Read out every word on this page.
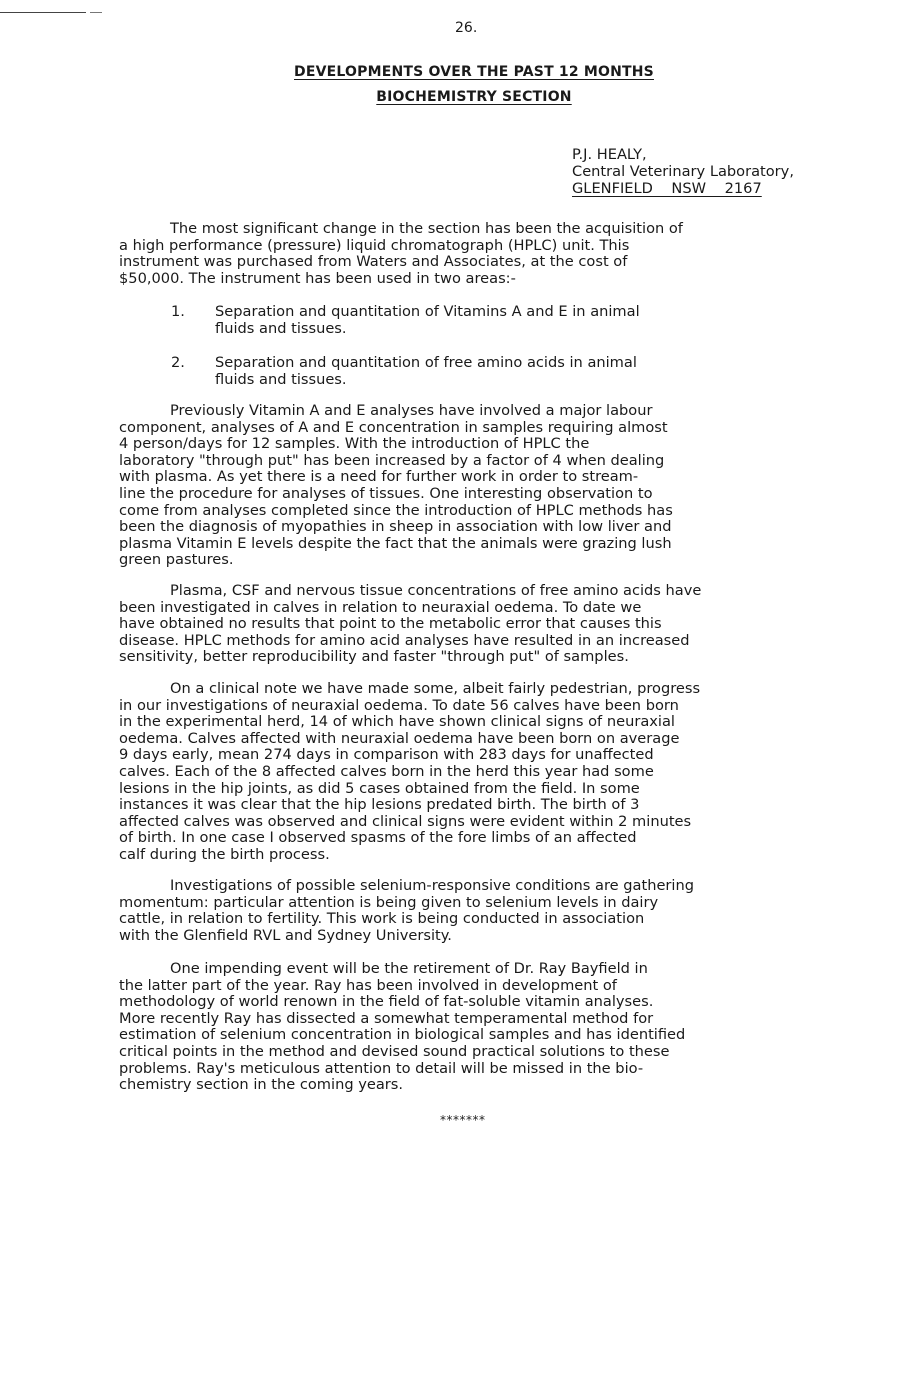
26.
DEVELOPMENTS OVER THE PAST 12 MONTHS
BIOCHEMISTRY SECTION
P.J. HEALY,
Central Veterinary Laboratory,
GLENFIELD    NSW    2167
The most significant change in the section has been the acquisition of
a high performance (pressure) liquid chromatograph (HPLC) unit. This
instrument was purchased from Waters and Associates, at the cost of
$50,000. The instrument has been used in two areas:-
1. Separation and quantitation of Vitamins A and E in animal
fluids and tissues.
2. Separation and quantitation of free amino acids in animal
fluids and tissues.
Previously Vitamin A and E analyses have involved a major labour
component, analyses of A and E concentration in samples requiring almost
4 person/days for 12 samples. With the introduction of HPLC the
laboratory "through put" has been increased by a factor of 4 when dealing
with plasma. As yet there is a need for further work in order to stream-
line the procedure for analyses of tissues. One interesting observation to
come from analyses completed since the introduction of HPLC methods has
been the diagnosis of myopathies in sheep in association with low liver and
plasma Vitamin E levels despite the fact that the animals were grazing lush
green pastures.
Plasma, CSF and nervous tissue concentrations of free amino acids have
been investigated in calves in relation to neuraxial oedema. To date we
have obtained no results that point to the metabolic error that causes this
disease. HPLC methods for amino acid analyses have resulted in an increased
sensitivity, better reproducibility and faster "through put" of samples.
On a clinical note we have made some, albeit fairly pedestrian, progress
in our investigations of neuraxial oedema. To date 56 calves have been born
in the experimental herd, 14 of which have shown clinical signs of neuraxial
oedema. Calves affected with neuraxial oedema have been born on average
9 days early, mean 274 days in comparison with 283 days for unaffected
calves. Each of the 8 affected calves born in the herd this year had some
lesions in the hip joints, as did 5 cases obtained from the field. In some
instances it was clear that the hip lesions predated birth. The birth of 3
affected calves was observed and clinical signs were evident within 2 minutes
of birth. In one case I observed spasms of the fore limbs of an affected
calf during the birth process.
Investigations of possible selenium-responsive conditions are gathering
momentum: particular attention is being given to selenium levels in dairy
cattle, in relation to fertility. This work is being conducted in association
with the Glenfield RVL and Sydney University.
One impending event will be the retirement of Dr. Ray Bayfield in
the latter part of the year. Ray has been involved in development of
methodology of world renown in the field of fat-soluble vitamin analyses.
More recently Ray has dissected a somewhat temperamental method for
estimation of selenium concentration in biological samples and has identified
critical points in the method and devised sound practical solutions to these
problems. Ray's meticulous attention to detail will be missed in the bio-
chemistry section in the coming years.
*******
